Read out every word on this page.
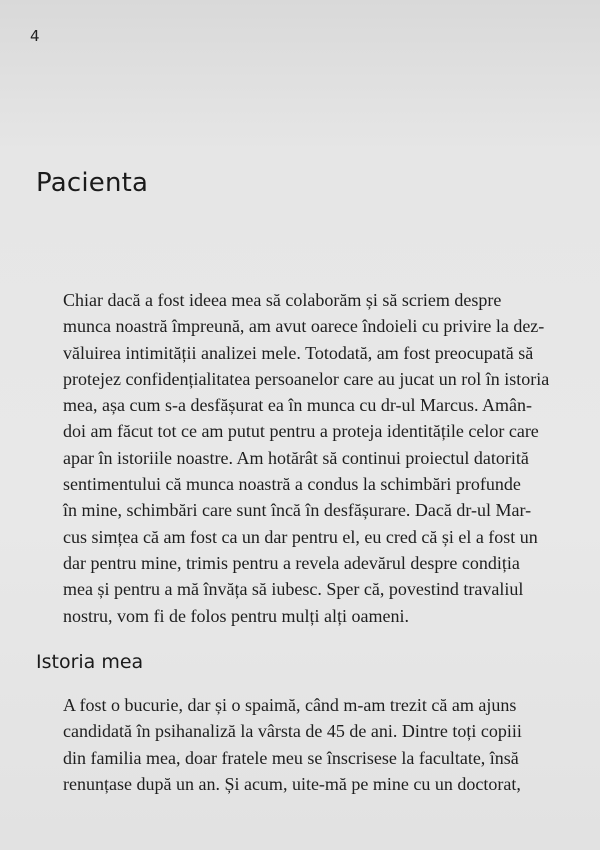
4
Pacienta

Chiar dacă a fost ideea mea să colaborăm și să scriem despre
munca noastră împreună, am avut oarece îndoieli cu privire la dez-
văluirea intimității analizei mele. Totodată, am fost preocupată să
protejez confidențialitatea persoanelor care au jucat un rol în istoria
mea, așa cum s-a desfășurat ea în munca cu dr-ul Marcus. Amân-
doi am făcut tot ce am putut pentru a proteja identitățile celor care
apar în istoriile noastre. Am hotărât să continui proiectul datorită
sentimentului că munca noastră a condus la schimbări profunde
în mine, schimbări care sunt încă în desfășurare. Dacă dr-ul Mar-
cus simțea că am fost ca un dar pentru el, eu cred că și el a fost un
dar pentru mine, trimis pentru a revela adevărul despre condiția
mea și pentru a mă învăța să iubesc. Sper că, povestind travaliul
nostru, vom fi de folos pentru mulți alți oameni.

Istoria mea

A fost o bucurie, dar și o spaimă, când m-am trezit că am ajuns
candidată în psihanaliză la vârsta de 45 de ani. Dintre toți copiii
din familia mea, doar fratele meu se înscrisese la facultate, însă
renunțase după un an. Și acum, uite-mă pe mine cu un doctorat,
